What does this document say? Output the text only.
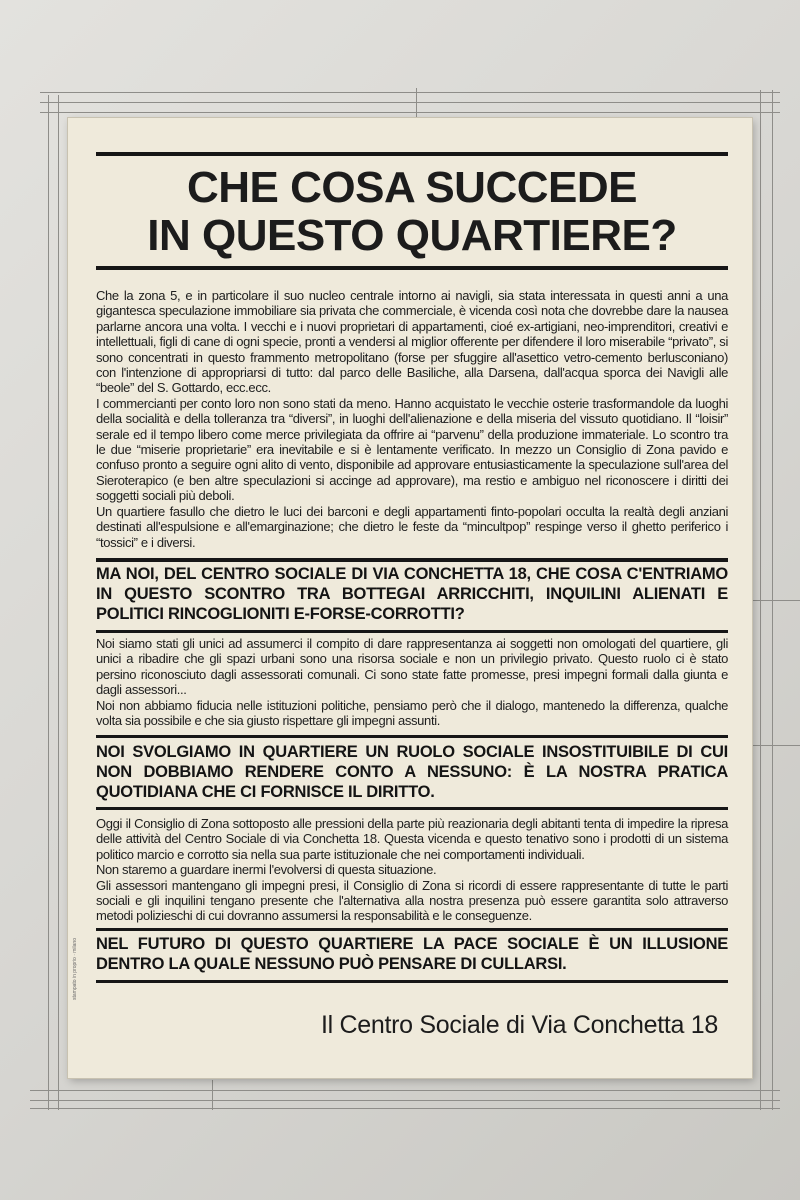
CHE COSA SUCCEDE
IN QUESTO QUARTIERE?

Che la zona 5, e in particolare il suo nucleo centrale intorno ai navigli, sia stata interessata in questi anni a una gigantesca speculazione immobiliare sia privata che commerciale, è vicenda così nota che dovrebbe dare la nausea parlarne ancora una volta. I vecchi e i nuovi proprietari di appartamenti, cioé ex-artigiani, neo-imprenditori, creativi e intellettuali, figli di cane di ogni specie, pronti a vendersi al miglior offerente per difendere il loro miserabile “privato”, si sono concentrati in questo frammento metropolitano (forse per sfuggire all'asettico vetro-cemento berlusconiano) con l'intenzione di appropriarsi di tutto: dal parco delle Basiliche, alla Darsena, dall'acqua sporca dei Navigli alle “beole” del S. Gottardo, ecc.ecc.

I commercianti per conto loro non sono stati da meno. Hanno acquistato le vecchie osterie trasformandole da luoghi della socialità e della tolleranza tra “diversi”, in luoghi dell'alienazione e della miseria del vissuto quotidiano. Il “loisir” serale ed il tempo libero come merce privilegiata da offrire ai “parvenu” della produzione immateriale. Lo scontro tra le due “miserie proprietarie” era inevitabile e si è lentamente verificato. In mezzo un Consiglio di Zona pavido e confuso pronto a seguire ogni alito di vento, disponibile ad approvare entusiasticamente la speculazione sull'area del Sieroterapico (e ben altre speculazioni si accinge ad approvare), ma restio e ambiguo nel riconoscere i diritti dei soggetti sociali più deboli.

Un quartiere fasullo che dietro le luci dei barconi e degli appartamenti finto-popolari occulta la realtà degli anziani destinati all'espulsione e all'emarginazione; che dietro le feste da “mincultpop” respinge verso il ghetto periferico i “tossici” e i diversi.

MA NOI, DEL CENTRO SOCIALE DI VIA CONCHETTA 18, CHE COSA C'ENTRIAMO IN QUESTO SCONTRO TRA BOTTEGAI ARRICCHITI, INQUILINI ALIENATI E POLITICI RINCOGLIONITI E-FORSE-CORROTTI?

Noi siamo stati gli unici ad assumerci il compito di dare rappresentanza ai soggetti non omologati del quartiere, gli unici a ribadire che gli spazi urbani sono una risorsa sociale e non un privilegio privato. Questo ruolo ci è stato persino riconosciuto dagli assessorati comunali. Ci sono state fatte promesse, presi impegni formali dalla giunta e dagli assessori...

Noi non abbiamo fiducia nelle istituzioni politiche, pensiamo però che il dialogo, mantenedo la differenza, qualche volta sia possibile e che sia giusto rispettare gli impegni assunti.

NOI SVOLGIAMO IN QUARTIERE UN RUOLO SOCIALE INSOSTITUIBILE DI CUI NON DOBBIAMO RENDERE CONTO A NESSUNO: È LA NOSTRA PRATICA QUOTIDIANA CHE CI FORNISCE IL DIRITTO.

Oggi il Consiglio di Zona sottoposto alle pressioni della parte più reazionaria degli abitanti tenta di impedire la ripresa delle attività del Centro Sociale di via Conchetta 18. Questa vicenda e questo tenativo sono i prodotti di un sistema politico marcio e corrotto sia nella sua parte istituzionale che nei comportamenti individuali.

Non staremo a guardare inermi l'evolversi di questa situazione.

Gli assessori mantengano gli impegni presi, il Consiglio di Zona si ricordi di essere rappresentante di tutte le parti sociali e gli inquilini tengano presente che l'alternativa alla nostra presenza può essere garantita solo attraverso metodi polizieschi di cui dovranno assumersi la responsabilità e le conseguenze.

NEL FUTURO DI QUESTO QUARTIERE LA PACE SOCIALE È UN ILLUSIONE DENTRO LA QUALE NESSUNO PUÒ PENSARE DI CULLARSI.
Il Centro Sociale di Via Conchetta 18
stampato in proprio · milano
